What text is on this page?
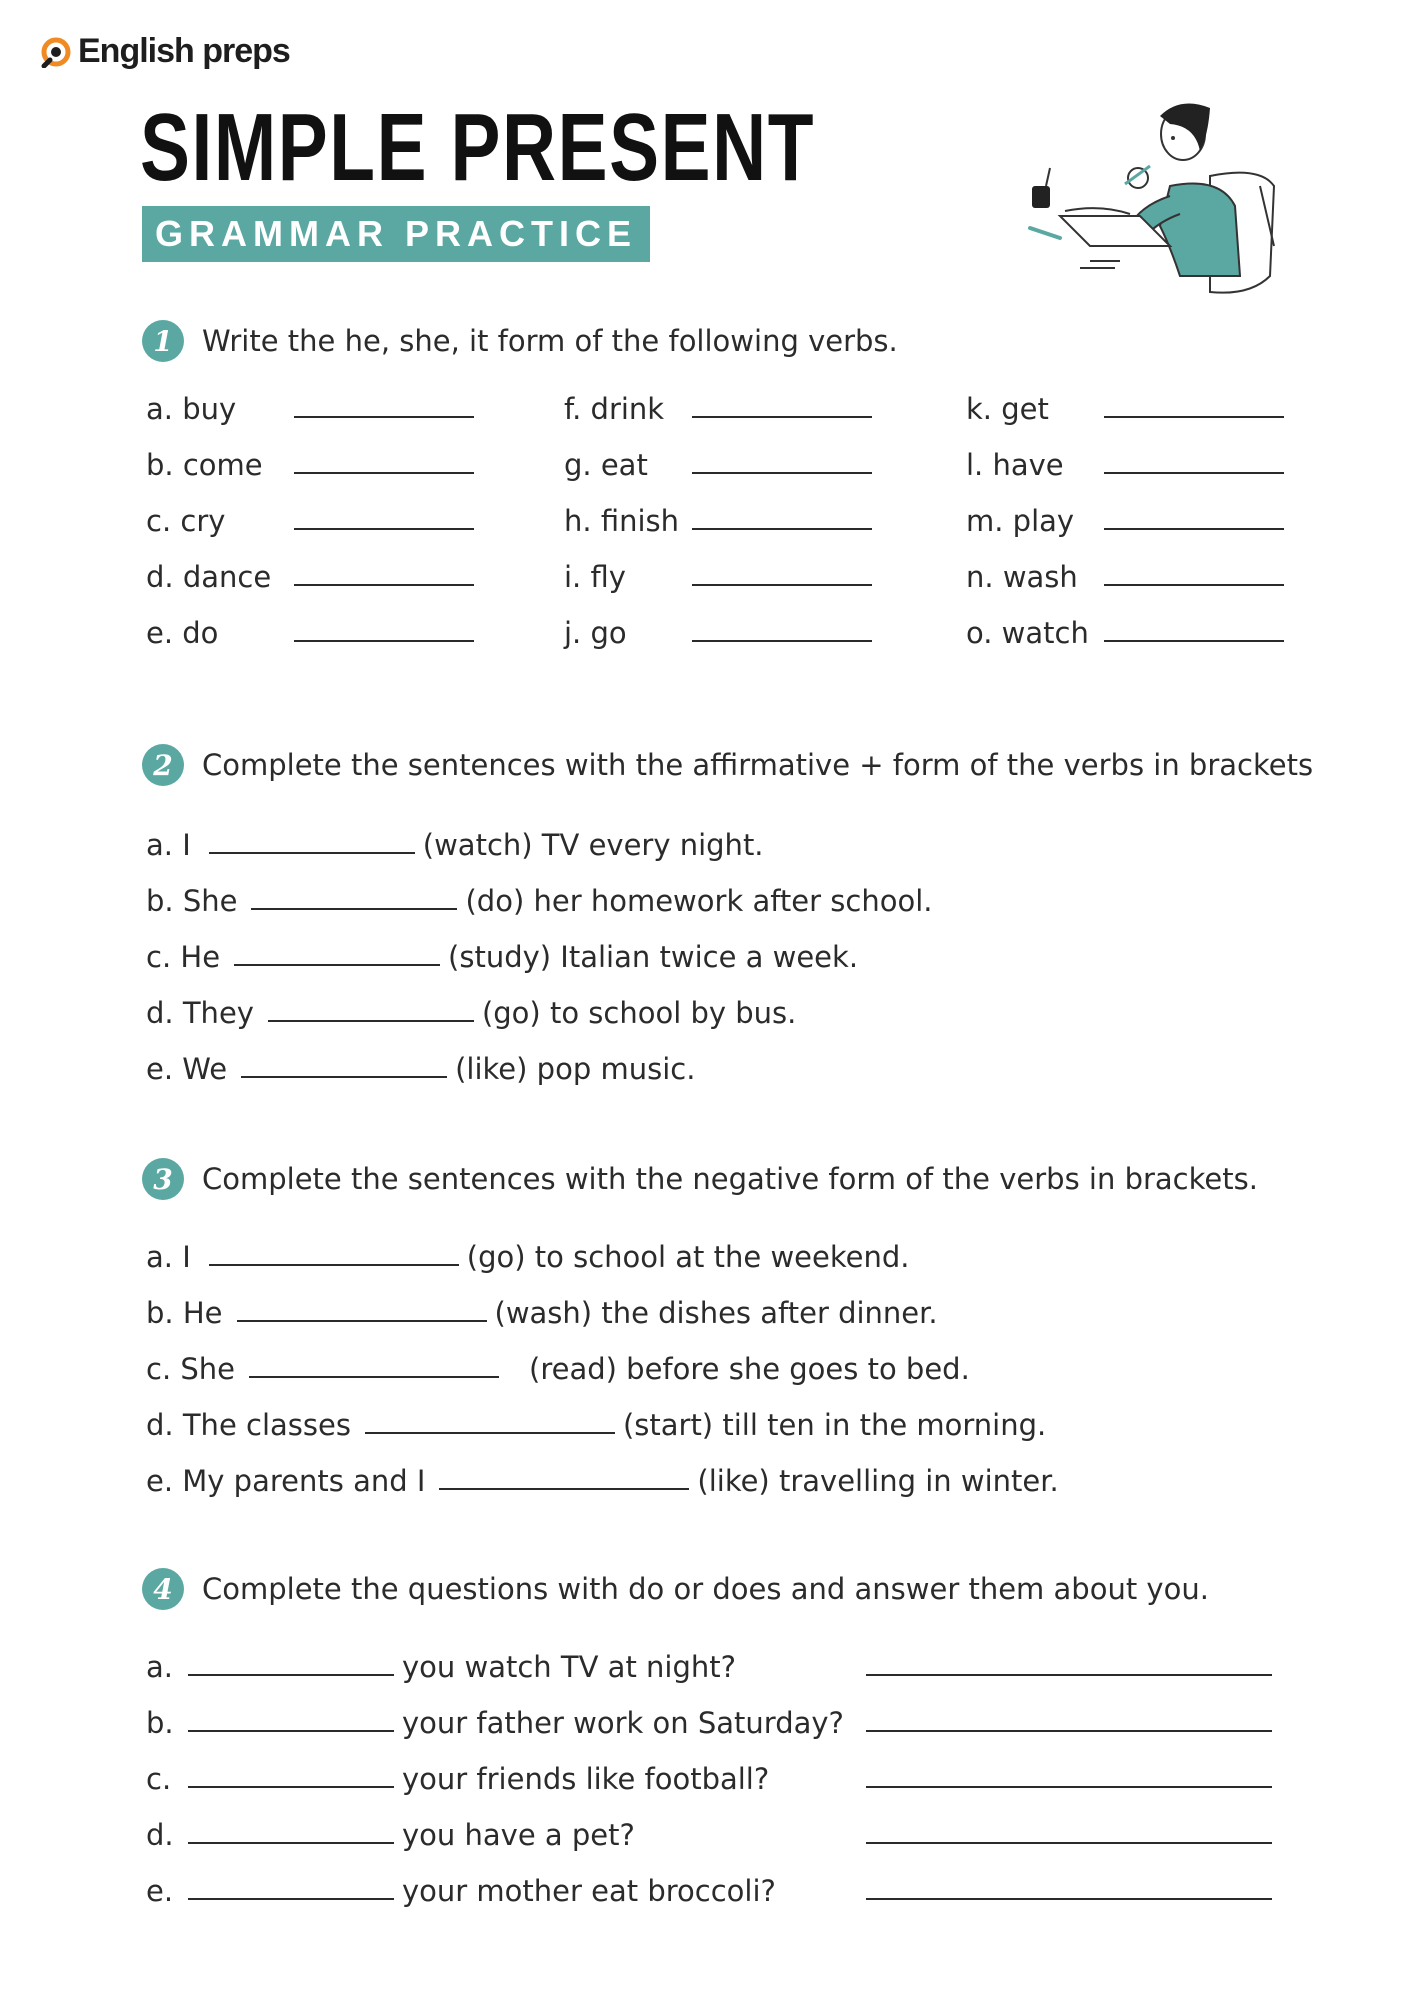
English preps
SIMPLE PRESENT
GRAMMAR PRACTICE
1	Write the he, she, it form of the following verbs.
a. buy
b. come
c. cry
d. dance
e. do
f. drink
g. eat
h. finish
i. fly
j. go
k. get
l. have
m. play
n. wash
o. watch
2	Complete the sentences with the affirmative + form of the verbs in brackets
a. I	(watch) TV every night.
b. She	(do) her homework after school.
c. He	(study) Italian twice a week.
d. They	(go) to school by bus.
e. We	(like) pop music.
3	Complete the sentences with the negative form of the verbs in brackets.
a. I	(go) to school at the weekend.
b. He	(wash) the dishes after dinner.
c. She	(read) before she goes to bed.
d. The classes	(start) till ten in the morning.
e. My parents and I	(like) travelling in winter.
4	Complete the questions with do or does and answer them about you.
a.	you watch TV at night?
b.	your father work on Saturday?
c.	your friends like football?
d.	you have a pet?
e.	your mother eat broccoli?
